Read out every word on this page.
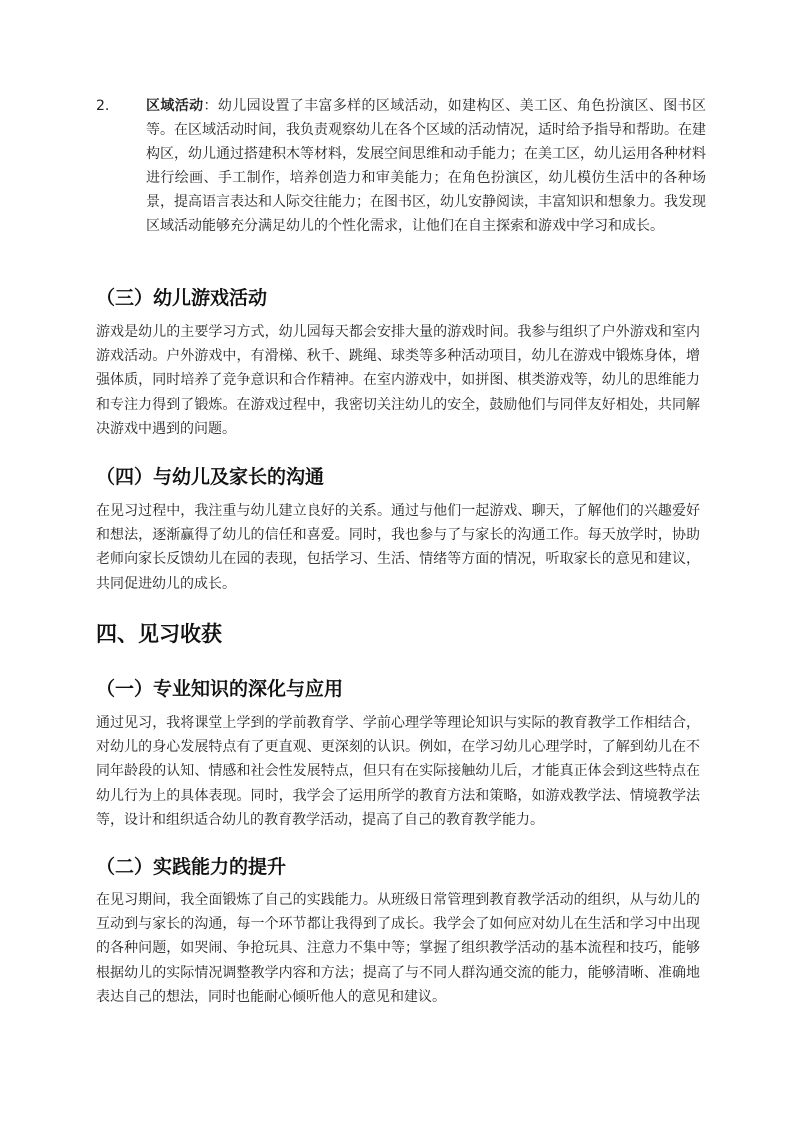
2.	区域活动：幼儿园设置了丰富多样的区域活动，如建构区、美工区、角色扮演区、图书区等。在区域活动时间，我负责观察幼儿在各个区域的活动情况，适时给予指导和帮助。在建构区，幼儿通过搭建积木等材料，发展空间思维和动手能力；在美工区，幼儿运用各种材料进行绘画、手工制作，培养创造力和审美能力；在角色扮演区，幼儿模仿生活中的各种场景，提高语言表达和人际交往能力；在图书区，幼儿安静阅读，丰富知识和想象力。我发现区域活动能够充分满足幼儿的个性化需求，让他们在自主探索和游戏中学习和成长。
（三）幼儿游戏活动
游戏是幼儿的主要学习方式，幼儿园每天都会安排大量的游戏时间。我参与组织了户外游戏和室内游戏活动。户外游戏中，有滑梯、秋千、跳绳、球类等多种活动项目，幼儿在游戏中锻炼身体，增强体质，同时培养了竞争意识和合作精神。在室内游戏中，如拼图、棋类游戏等，幼儿的思维能力和专注力得到了锻炼。在游戏过程中，我密切关注幼儿的安全，鼓励他们与同伴友好相处，共同解决游戏中遇到的问题。
（四）与幼儿及家长的沟通
在见习过程中，我注重与幼儿建立良好的关系。通过与他们一起游戏、聊天，了解他们的兴趣爱好和想法，逐渐赢得了幼儿的信任和喜爱。同时，我也参与了与家长的沟通工作。每天放学时，协助老师向家长反馈幼儿在园的表现，包括学习、生活、情绪等方面的情况，听取家长的意见和建议，共同促进幼儿的成长。
四、见习收获
（一）专业知识的深化与应用
通过见习，我将课堂上学到的学前教育学、学前心理学等理论知识与实际的教育教学工作相结合，对幼儿的身心发展特点有了更直观、更深刻的认识。例如，在学习幼儿心理学时，了解到幼儿在不同年龄段的认知、情感和社会性发展特点，但只有在实际接触幼儿后，才能真正体会到这些特点在幼儿行为上的具体表现。同时，我学会了运用所学的教育方法和策略，如游戏教学法、情境教学法等，设计和组织适合幼儿的教育教学活动，提高了自己的教育教学能力。
（二）实践能力的提升
在见习期间，我全面锻炼了自己的实践能力。从班级日常管理到教育教学活动的组织，从与幼儿的互动到与家长的沟通，每一个环节都让我得到了成长。我学会了如何应对幼儿在生活和学习中出现的各种问题，如哭闹、争抢玩具、注意力不集中等；掌握了组织教学活动的基本流程和技巧，能够根据幼儿的实际情况调整教学内容和方法；提高了与不同人群沟通交流的能力，能够清晰、准确地表达自己的想法，同时也能耐心倾听他人的意见和建议。
